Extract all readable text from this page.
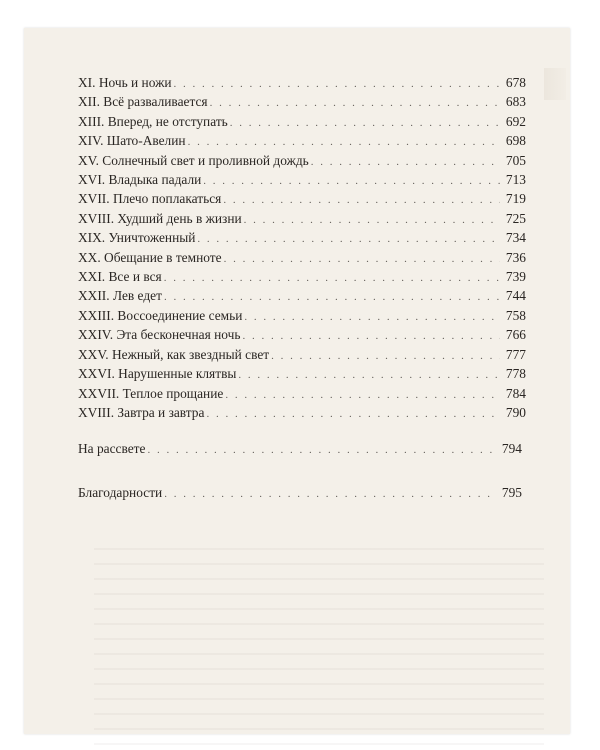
XI. Ночь и ножи . . .	678
XII. Всё разваливается . . .	683
XIII. Вперед, не отступать . . .	692
XIV. Шато-Авелин . . .	698
XV. Солнечный свет и проливной дождь . . .	705
XVI. Владыка падали . . .	713
XVII. Плечо поплакаться . . .	719
XVIII. Худший день в жизни . . .	725
XIX. Уничтоженный . . .	734
XX. Обещание в темноте . . .	736
XXI. Все и вся . . .	739
XXII. Лев едет . . .	744
XXIII. Воссоединение семьи . . .	758
XXIV. Эта бесконечная ночь . . .	766
XXV. Нежный, как звездный свет . . .	777
XXVI. Нарушенные клятвы . . .	778
XXVII. Теплое прощание . . .	784
XVIII. Завтра и завтра . . .	790
На рассвете . . .	794
Благодарности . . .	795
